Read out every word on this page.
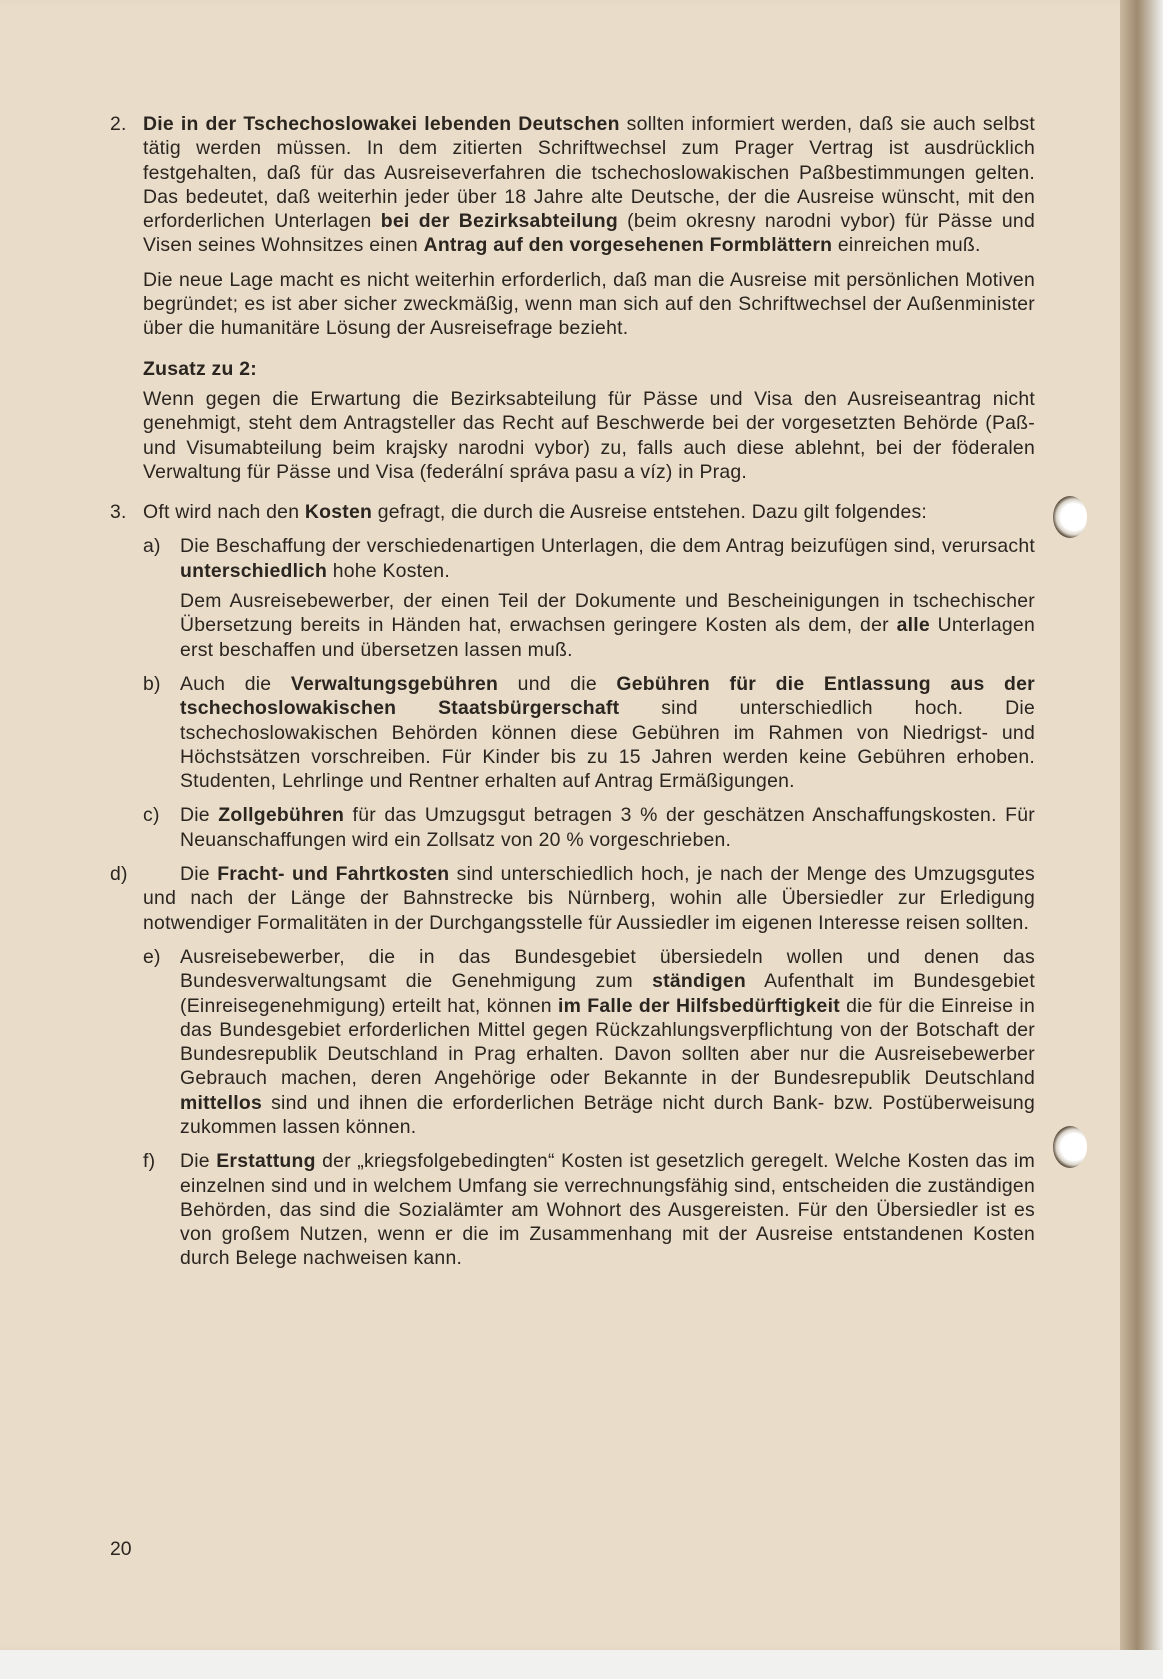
2. Die in der Tschechoslowakei lebenden Deutschen sollten informiert werden, daß sie auch selbst tätig werden müssen. In dem zitierten Schriftwechsel zum Prager Vertrag ist ausdrücklich festgehalten, daß für das Ausreiseverfahren die tschechoslowakischen Paßbestimmungen gelten. Das bedeutet, daß weiterhin jeder über 18 Jahre alte Deutsche, der die Ausreise wünscht, mit den erforderlichen Unterlagen bei der Bezirksabteilung (beim okresny narodni vybor) für Pässe und Visen seines Wohnsitzes einen Antrag auf den vorgesehenen Formblättern einreichen muß.

Die neue Lage macht es nicht weiterhin erforderlich, daß man die Ausreise mit persönlichen Motiven begründet; es ist aber sicher zweckmäßig, wenn man sich auf den Schriftwechsel der Außenminister über die humanitäre Lösung der Ausreisefrage bezieht.

Zusatz zu 2:

Wenn gegen die Erwartung die Bezirksabteilung für Pässe und Visa den Ausreiseantrag nicht genehmigt, steht dem Antragsteller das Recht auf Beschwerde bei der vorgesetzten Behörde (Paß- und Visumabteilung beim krajsky narodni vybor) zu, falls auch diese ablehnt, bei der föderalen Verwaltung für Pässe und Visa (federální správa pasu a víz) in Prag.

3. Oft wird nach den Kosten gefragt, die durch die Ausreise entstehen. Dazu gilt folgendes:

a) Die Beschaffung der verschiedenartigen Unterlagen, die dem Antrag beizufügen sind, verursacht unterschiedlich hohe Kosten.

Dem Ausreisebewerber, der einen Teil der Dokumente und Bescheinigungen in tschechischer Übersetzung bereits in Händen hat, erwachsen geringere Kosten als dem, der alle Unterlagen erst beschaffen und übersetzen lassen muß.

b) Auch die Verwaltungsgebühren und die Gebühren für die Entlassung aus der tschechoslowakischen Staatsbürgerschaft sind unterschiedlich hoch. Die tschechoslowakischen Behörden können diese Gebühren im Rahmen von Niedrigst- und Höchstsätzen vorschreiben. Für Kinder bis zu 15 Jahren werden keine Gebühren erhoben. Studenten, Lehrlinge und Rentner erhalten auf Antrag Ermäßigungen.

c) Die Zollgebühren für das Umzugsgut betragen 3 % der geschätzen Anschaffungskosten. Für Neuanschaffungen wird ein Zollsatz von 20 % vorgeschrieben.

d)	Die Fracht- und Fahrtkosten sind unterschiedlich hoch, je nach der Menge des Umzugsgutes und nach der Länge der Bahnstrecke bis Nürnberg, wohin alle Übersiedler zur Erledigung notwendiger Formalitäten in der Durchgangsstelle für Aussiedler im eigenen Interesse reisen sollten.

e) Ausreisebewerber, die in das Bundesgebiet übersiedeln wollen und denen das Bundesverwaltungsamt die Genehmigung zum ständigen Aufenthalt im Bundesgebiet (Einreisegenehmigung) erteilt hat, können im Falle der Hilfsbedürftigkeit die für die Einreise in das Bundesgebiet erforderlichen Mittel gegen Rückzahlungsverpflichtung von der Botschaft der Bundesrepublik Deutschland in Prag erhalten. Davon sollten aber nur die Ausreisebewerber Gebrauch machen, deren Angehörige oder Bekannte in der Bundesrepublik Deutschland mittellos sind und ihnen die erforderlichen Beträge nicht durch Bank- bzw. Postüberweisung zukommen lassen können.

f) Die Erstattung der „kriegsfolgebedingten“ Kosten ist gesetzlich geregelt. Welche Kosten das im einzelnen sind und in welchem Umfang sie verrechnungsfähig sind, entscheiden die zuständigen Behörden, das sind die Sozialämter am Wohnort des Ausgereisten. Für den Übersiedler ist es von großem Nutzen, wenn er die im Zusammenhang mit der Ausreise entstandenen Kosten durch Belege nachweisen kann.

20
